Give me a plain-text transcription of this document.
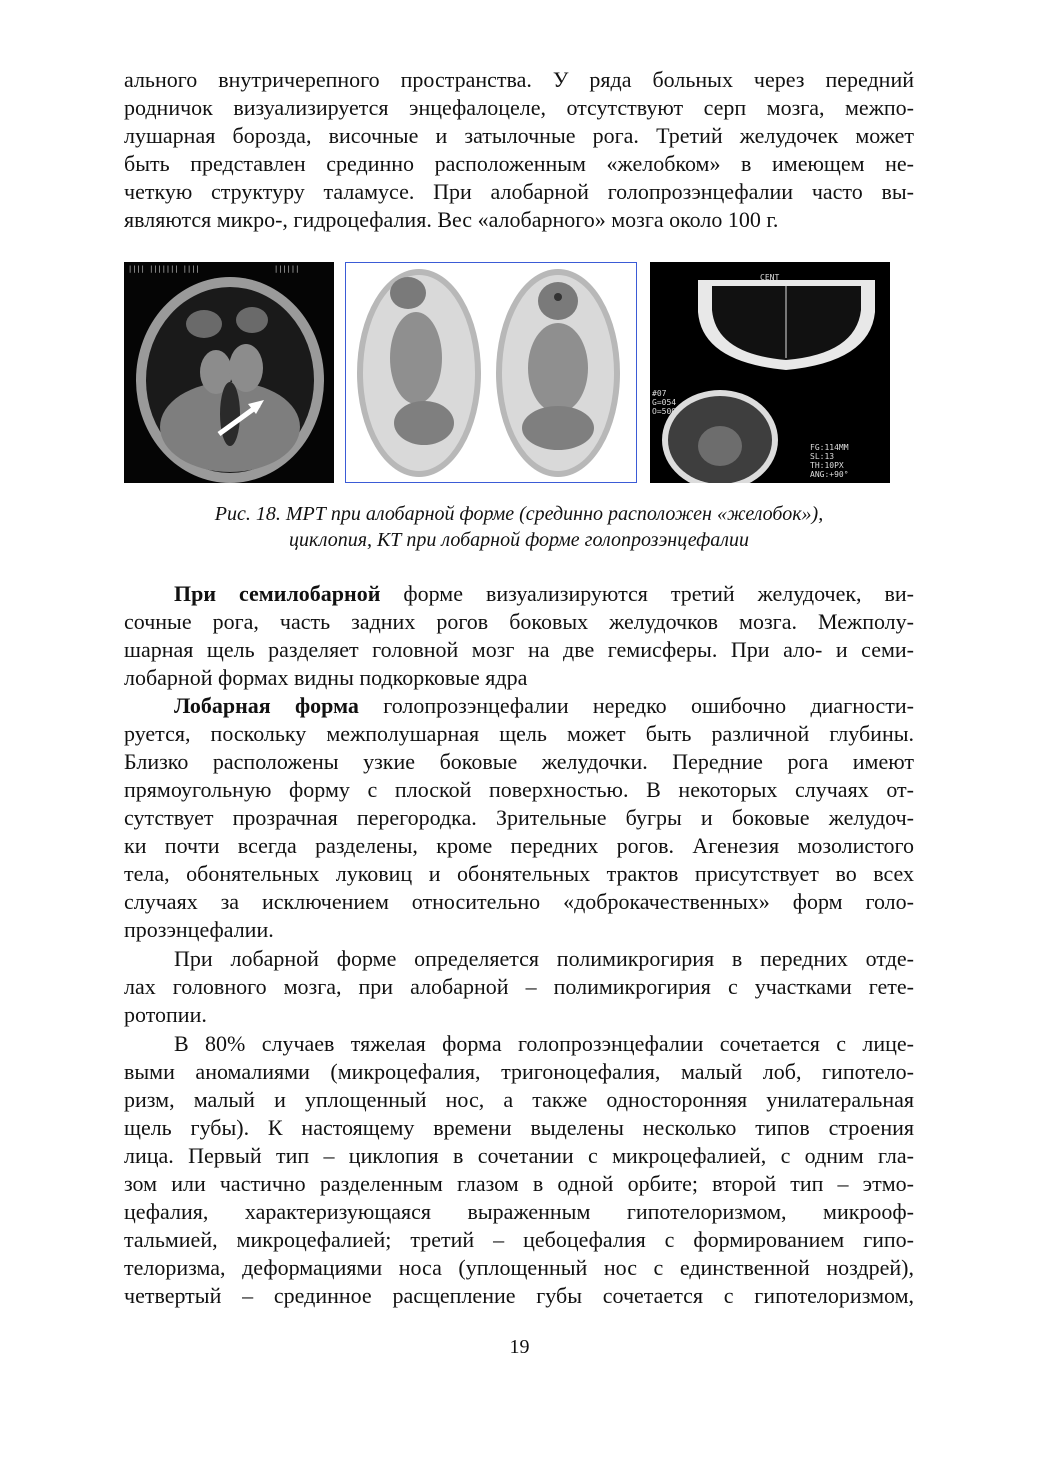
ального внутричерепного пространства. У ряда больных через передний
родничок визуализируется энцефалоцеле, отсутствуют серп мозга, межпо-
лушарная борозда, височные и затылочные рога. Третий желудочек может
быть представлен срединно расположенным «желобком» в имеющем не-
четкую структуру таламусе. При алобарной голопрозэнцефалии часто вы-
являются микро-, гидроцефалия. Вес «алобарного» мозга около 100 г.
|||| ||||||| ||||	||||||
CENT
#07
G=054
O=500
FG:114MM
SL:13
TH:10PX
ANG:+90°
Рис. 18. МРТ при алобарной форме (срединно расположен «желобок»),
циклопия, КТ при лобарной форме голопрозэнцефалии
При семилобарной форме визуализируются третий желудочек, ви-
сочные рога, часть задних рогов боковых желудочков мозга. Межполу-
шарная щель разделяет головной мозг на две гемисферы. При ало- и семи-
лобарной формах видны подкорковые ядра
Лобарная форма голопрозэнцефалии нередко ошибочно диагности-
руется, поскольку межполушарная щель может быть различной глубины.
Близко расположены узкие боковые желудочки. Передние рога имеют
прямоугольную форму с плоской поверхностью. В некоторых случаях от-
сутствует прозрачная перегородка. Зрительные бугры и боковые желудоч-
ки почти всегда разделены, кроме передних рогов. Агенезия мозолистого
тела, обонятельных луковиц и обонятельных трактов присутствует во всех
случаях за исключением относительно «доброкачественных» форм голо-
прозэнцефалии.
При лобарной форме определяется полимикрогирия в передних отде-
лах головного мозга, при алобарной – полимикрогирия с участками гете-
ротопии.
В 80% случаев тяжелая форма голопрозэнцефалии сочетается с лице-
выми аномалиями (микроцефалия, тригоноцефалия, малый лоб, гипотело-
ризм, малый и уплощенный нос, а также односторонняя унилатеральная
щель губы). К настоящему времени выделены несколько типов строения
лица. Первый тип – циклопия в сочетании с микроцефалией, с одним гла-
зом или частично разделенным глазом в одной орбите; второй тип – этмо-
цефалия, характеризующаяся выраженным гипотелоризмом, микрооф-
тальмией, микроцефалией; третий – цебоцефалия с формированием гипо-
телоризма, деформациями носа (уплощенный нос с единственной ноздрей),
четвертый – срединное расщепление губы сочетается с гипотелоризмом,
19
